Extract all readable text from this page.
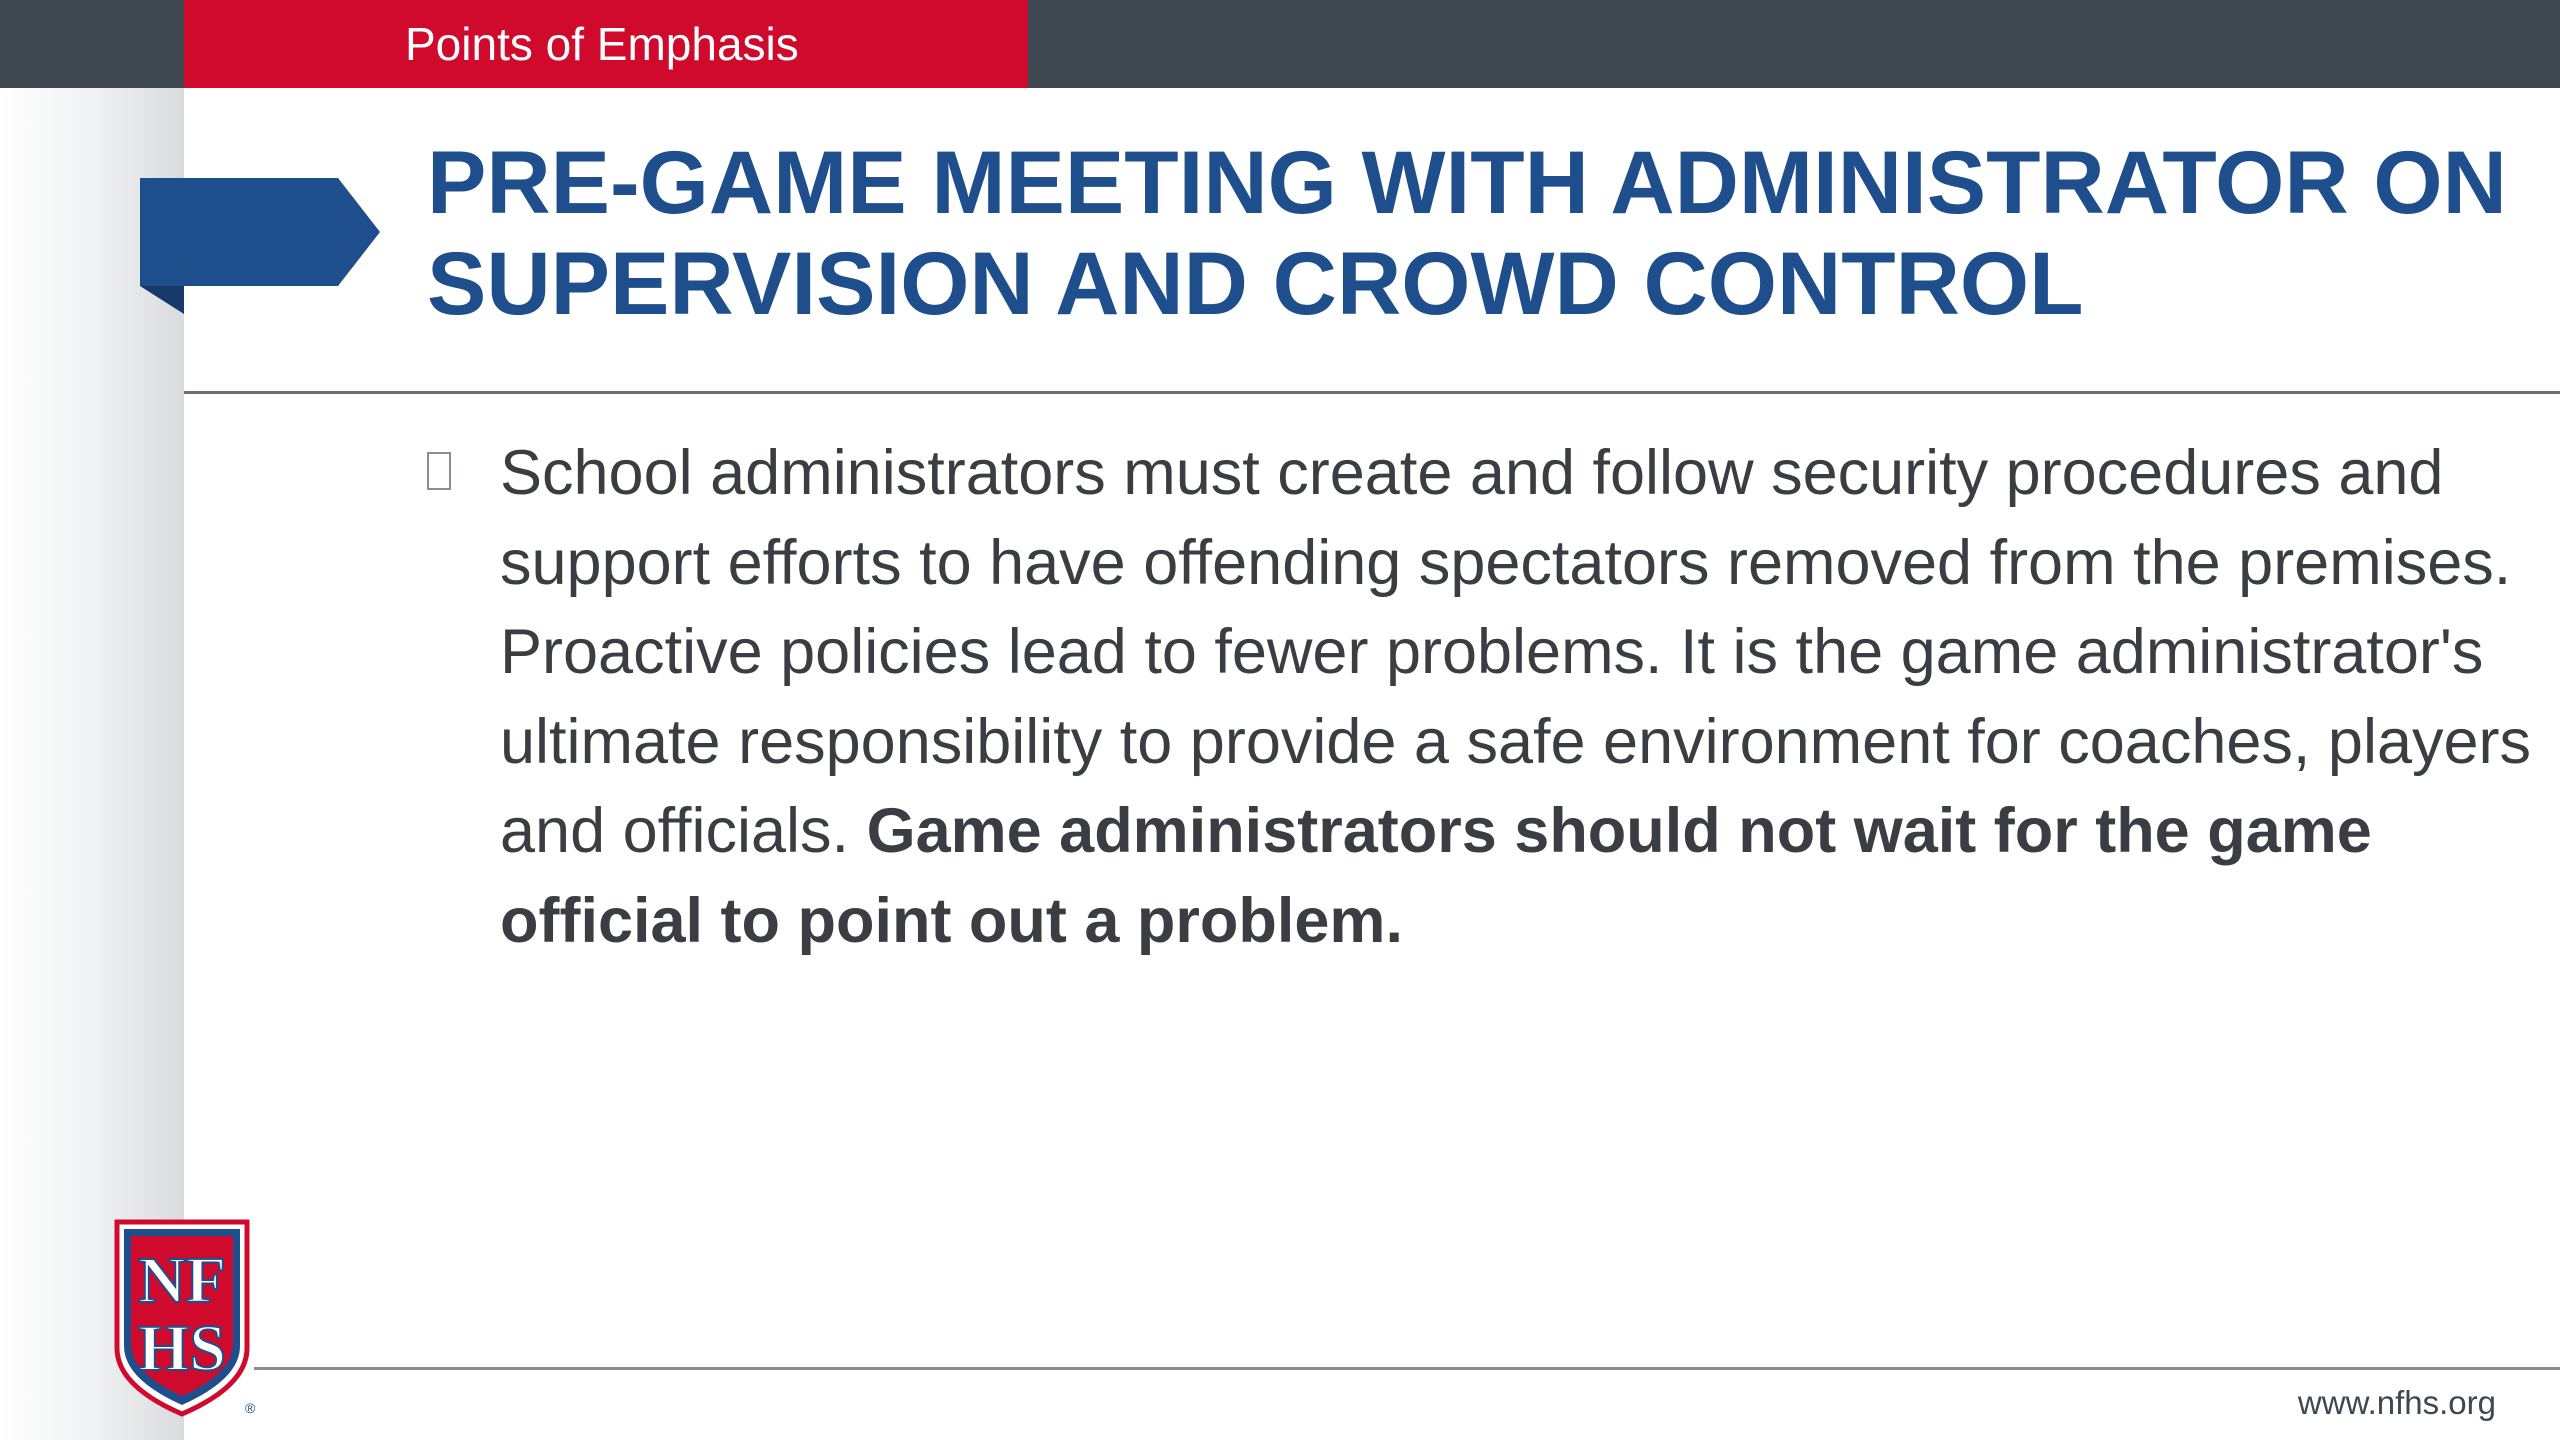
Points of Emphasis
PRE-GAME MEETING WITH ADMINISTRATOR ON
SUPERVISION AND CROWD CONTROL

School administrators must create and follow security procedures and support efforts to have offending spectators removed from the premises. Proactive policies lead to fewer problems. It is the game administrator's ultimate responsibility to provide a safe environment for coaches, players and officials. Game administrators should not wait for the game official to point out a problem.

NF
HS
®	www.nfhs.org
